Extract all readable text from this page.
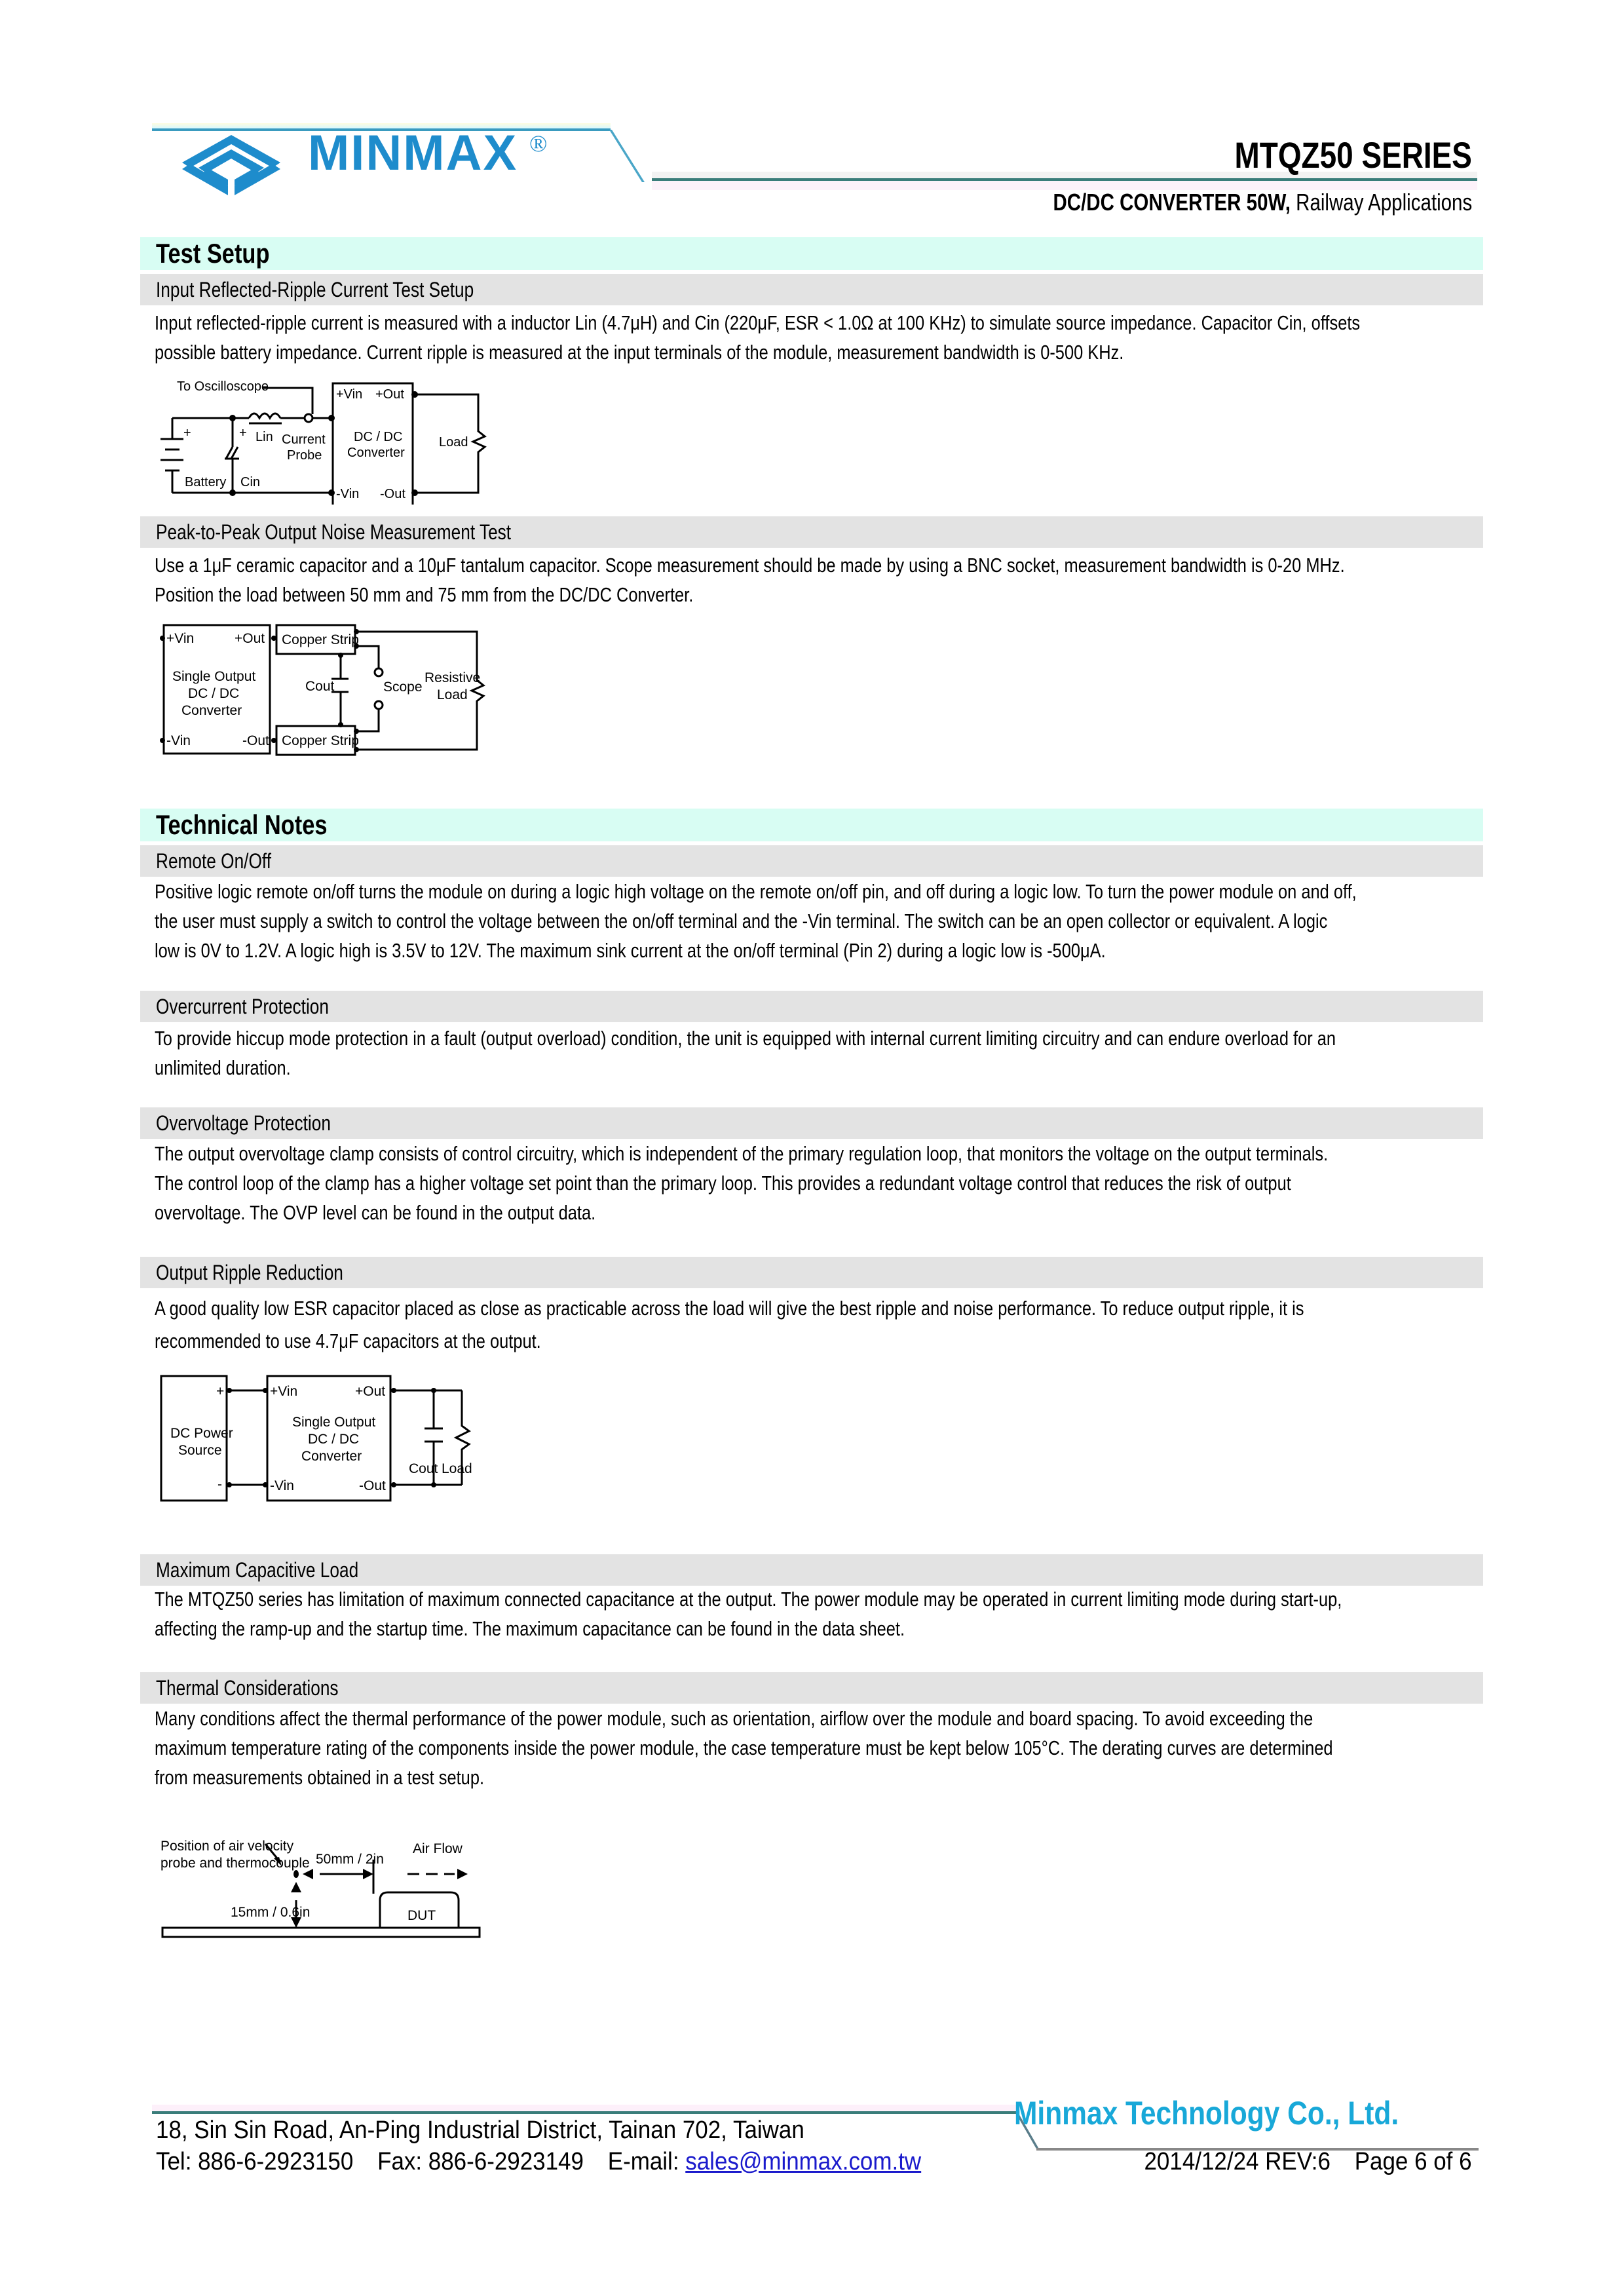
MINMAX ®	MTQZ50 SERIES
DC/DC CONVERTER 50W, Railway Applications
Test Setup
Input Reflected-Ripple Current Test Setup
Input reflected-ripple current is measured with a inductor Lin (4.7μH) and Cin (220μF, ESR < 1.0Ω at 100 KHz) to simulate source impedance. Capacitor Cin, offsets
possible battery impedance. Current ripple is measured at the input terminals of the module, measurement bandwidth is 0-500 KHz.
To Oscilloscope
+	+ Lin Current
Probe
Battery Cin
+Vin +Out
-Vin -Out
DC / DC
Converter
Load
Peak-to-Peak Output Noise Measurement Test
Use a 1μF ceramic capacitor and a 10μF tantalum capacitor. Scope measurement should be made by using a BNC socket, measurement bandwidth is 0-20 MHz.
Position the load between 50 mm and 75 mm from the DC/DC Converter.
+Vin	+Out
-Vin	-Out
Single Output
DC / DC
Converter
Copper Strip
Copper Strip
Cout	Scope
Resistive
Load
Technical Notes
Remote On/Off
Positive logic remote on/off turns the module on during a logic high voltage on the remote on/off pin, and off during a logic low. To turn the power module on and off,
the user must supply a switch to control the voltage between the on/off terminal and the -Vin terminal. The switch can be an open collector or equivalent. A logic
low is 0V to 1.2V. A logic high is 3.5V to 12V. The maximum sink current at the on/off terminal (Pin 2) during a logic low is -500μA.
Overcurrent Protection
To provide hiccup mode protection in a fault (output overload) condition, the unit is equipped with internal current limiting circuitry and can endure overload for an
unlimited duration.
Overvoltage Protection
The output overvoltage clamp consists of control circuitry, which is independent of the primary regulation loop, that monitors the voltage on the output terminals.
The control loop of the clamp has a higher voltage set point than the primary loop. This provides a redundant voltage control that reduces the risk of output
overvoltage. The OVP level can be found in the output data.
Output Ripple Reduction
A good quality low ESR capacitor placed as close as practicable across the load will give the best ripple and noise performance. To reduce output ripple, it is
recommended to use 4.7μF capacitors at the output.
+
-
DC Power
Source
+Vin	+Out
-Vin	-Out
Single Output
DC / DC
Converter
Cout Load
Maximum Capacitive Load
The MTQZ50 series has limitation of maximum connected capacitance at the output. The power module may be operated in current limiting mode during start-up,
affecting the ramp-up and the startup time. The maximum capacitance can be found in the data sheet.
Thermal Considerations
Many conditions affect the thermal performance of the power module, such as orientation, airflow over the module and board spacing. To avoid exceeding the
maximum temperature rating of the components inside the power module, the case temperature must be kept below 105°C. The derating curves are determined
from measurements obtained in a test setup.
Position of air velocity
probe and thermocouple 50mm / 2in
15mm / 0.6in
Air Flow
DUT
Minmax Technology Co., Ltd.
18, Sin Sin Road, An-Ping Industrial District, Tainan 702, Taiwan
Tel: 886-6-2923150 Fax: 886-6-2923149 E-mail: sales@minmax.com.tw	2014/12/24 REV:6 Page 6 of 6
